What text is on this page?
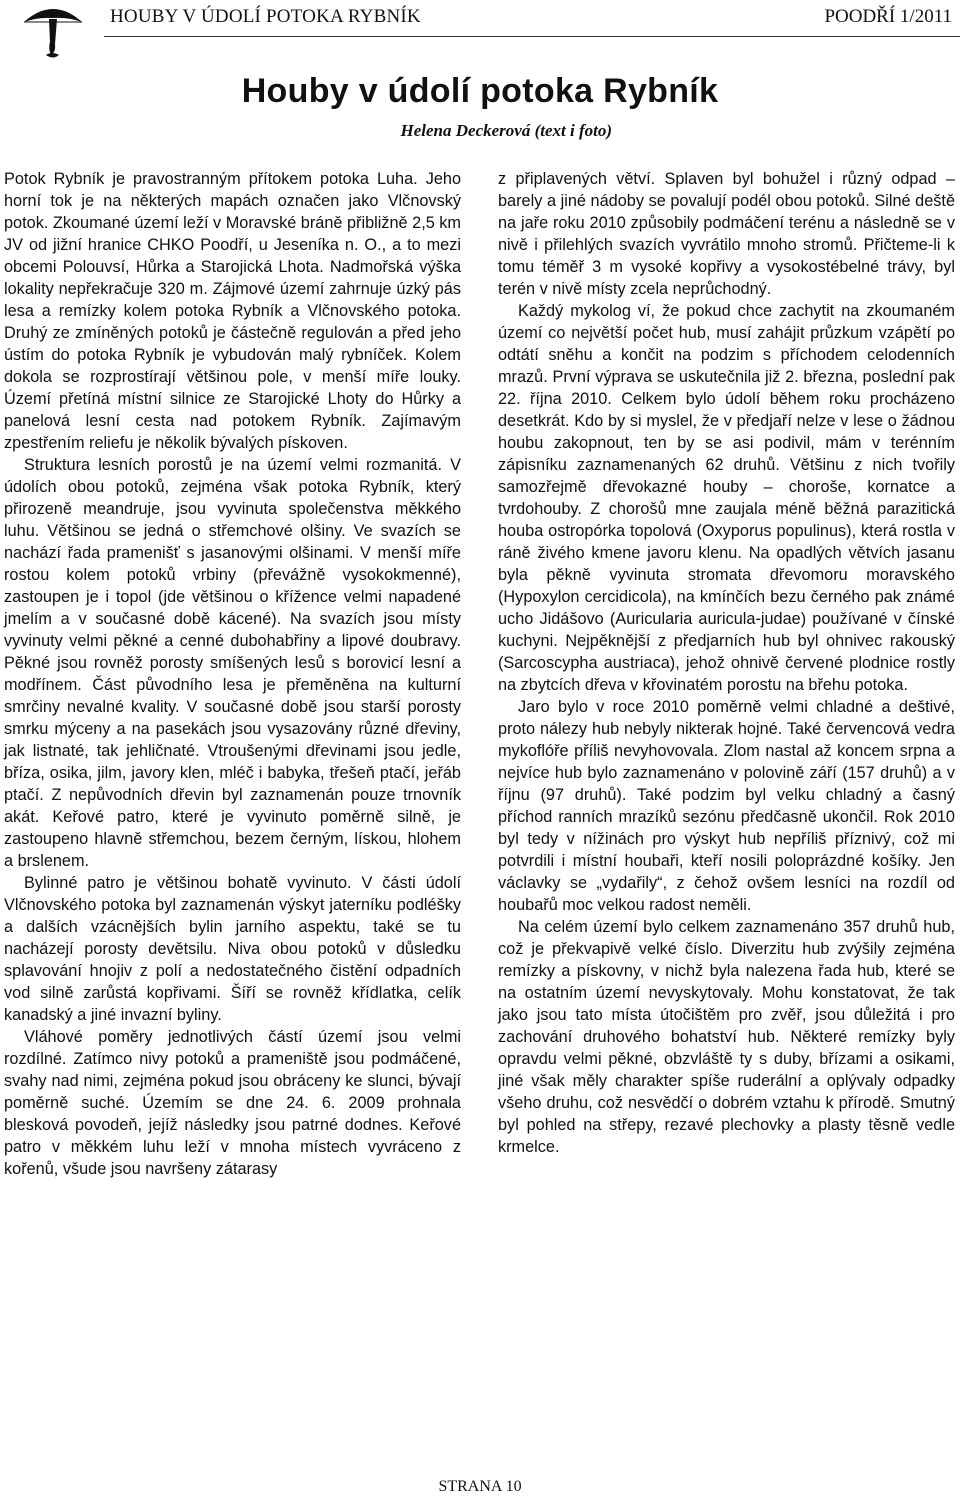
HOUBY V ÚDOLÍ POTOKA RYBNÍK	POODŘÍ 1/2011
Houby v údolí potoka Rybník
Helena Deckerová (text i foto)

Potok Rybník je pravostranným přítokem potoka Luha. Jeho horní tok je na některých mapách označen jako Vlčnovský potok. Zkoumané území leží v Moravské bráně přibližně 2,5 km JV od jižní hranice CHKO Poodří, u Jeseníka n. O., a to mezi obcemi Polouvsí, Hůrka a Starojická Lhota. Nadmořská výška lokality nepřekračuje 320 m. Zájmové území zahrnuje úzký pás lesa a remízky kolem potoka Rybník a Vlčnovského potoka. Druhý ze zmíněných potoků je částečně regulován a před jeho ústím do potoka Rybník je vybudován malý rybníček. Kolem dokola se rozprostírají většinou pole, v menší míře louky. Území přetíná místní silnice ze Starojické Lhoty do Hůrky a panelová lesní cesta nad potokem Rybník. Zajímavým zpestřením reliefu je několik bývalých pískoven.

Struktura lesních porostů je na území velmi rozmanitá. V údolích obou potoků, zejména však potoka Rybník, který přirozeně meandruje, jsou vyvinuta společenstva měkkého luhu. Většinou se jedná o střemchové olšiny. Ve svazích se nachází řada pramenišť s jasanovými olšinami. V menší míře rostou kolem potoků vrbiny (převážně vysokokmenné), zastoupen je i topol (jde většinou o křížence velmi napadené jmelím a v současné době kácené). Na svazích jsou místy vyvinuty velmi pěkné a cenné dubohabřiny a lipové doubravy. Pěkné jsou rovněž porosty smíšených lesů s borovicí lesní a modřínem. Část původního lesa je přeměněna na kulturní smrčiny nevalné kvality. V současné době jsou starší porosty smrku mýceny a na pasekách jsou vysazovány různé dřeviny, jak listnaté, tak jehličnaté. Vtroušenými dřevinami jsou jedle, bříza, osika, jilm, javory klen, mléč i babyka, třešeň ptačí, jeřáb ptačí. Z nepůvodních dřevin byl zaznamenán pouze trnovník akát. Keřové patro, které je vyvinuto poměrně silně, je zastoupeno hlavně střemchou, bezem černým, lískou, hlohem a brslenem.

Bylinné patro je většinou bohatě vyvinuto. V části údolí Vlčnovského potoka byl zaznamenán výskyt jaterníku podléšky a dalších vzácnějších bylin jarního aspektu, také se tu nacházejí porosty devětsilu. Niva obou potoků v důsledku splavování hnojiv z polí a nedostatečného čistění odpadních vod silně zarůstá kopřivami. Šíří se rovněž křídlatka, celík kanadský a jiné invazní byliny.

Vláhové poměry jednotlivých částí území jsou velmi rozdílné. Zatímco nivy potoků a prameniště jsou podmáčené, svahy nad nimi, zejména pokud jsou obráceny ke slunci, bývají poměrně suché. Územím se dne 24. 6. 2009 prohnala blesková povodeň, jejíž následky jsou patrné dodnes. Keřové patro v měkkém luhu leží v mnoha místech vyvráceno z kořenů, všude jsou navršeny zátarasy

z připlavených větví. Splaven byl bohužel i různý odpad – barely a jiné nádoby se povalují podél obou potoků. Silné deště na jaře roku 2010 způsobily podmáčení terénu a následně se v nivě i přilehlých svazích vyvrátilo mnoho stromů. Přičteme-li k tomu téměř 3 m vysoké kopřivy a vysokostébelné trávy, byl terén v nivě místy zcela neprůchodný.

Každý mykolog ví, že pokud chce zachytit na zkoumaném území co největší počet hub, musí zahájit průzkum vzápětí po odtátí sněhu a končit na podzim s příchodem celodenních mrazů. První výprava se uskutečnila již 2. března, poslední pak 22. října 2010. Celkem bylo údolí během roku procházeno desetkrát. Kdo by si myslel, že v předjaří nelze v lese o žádnou houbu zakopnout, ten by se asi podivil, mám v terénním zápisníku zaznamenaných 62 druhů. Většinu z nich tvořily samozřejmě dřevokazné houby – choroše, kornatce a tvrdohouby. Z chorošů mne zaujala méně běžná parazitická houba ostropórka topolová (Oxyporus populinus), která rostla v ráně živého kmene javoru klenu. Na opadlých větvích jasanu byla pěkně vyvinuta stromata dřevomoru moravského (Hypoxylon cercidicola), na kmínčích bezu černého pak známé ucho Jidášovo (Auricularia auricula-judae) používané v čínské kuchyni. Nejpěknější z předjarních hub byl ohnivec rakouský (Sarcoscypha austriaca), jehož ohnivě červené plodnice rostly na zbytcích dřeva v křovinatém porostu na břehu potoka.

Jaro bylo v roce 2010 poměrně velmi chladné a deštivé, proto nálezy hub nebyly nikterak hojné. Také červencová vedra mykoflóře příliš nevyhovovala. Zlom nastal až koncem srpna a nejvíce hub bylo zaznamenáno v polovině září (157 druhů) a v říjnu (97 druhů). Také podzim byl velku chladný a časný příchod ranních mrazíků sezónu předčasně ukončil. Rok 2010 byl tedy v nížinách pro výskyt hub nepříliš příznivý, což mi potvrdili i místní houbaři, kteří nosili poloprázdné košíky. Jen václavky se „vydařily“, z čehož ovšem lesníci na rozdíl od houbařů moc velkou radost neměli.

Na celém území bylo celkem zaznamenáno 357 druhů hub, což je překvapivě velké číslo. Diverzitu hub zvýšily zejména remízky a pískovny, v nichž byla nalezena řada hub, které se na ostatním území nevyskytovaly. Mohu konstatovat, že tak jako jsou tato místa útočištěm pro zvěř, jsou důležitá i pro zachování druhového bohatství hub. Některé remízky byly opravdu velmi pěkné, obzvláště ty s duby, břízami a osikami, jiné však měly charakter spíše ruderální a oplývaly odpadky všeho druhu, což nesvědčí o dobrém vztahu k přírodě. Smutný byl pohled na střepy, rezavé plechovky a plasty těsně vedle krmelce.

STRANA 10
